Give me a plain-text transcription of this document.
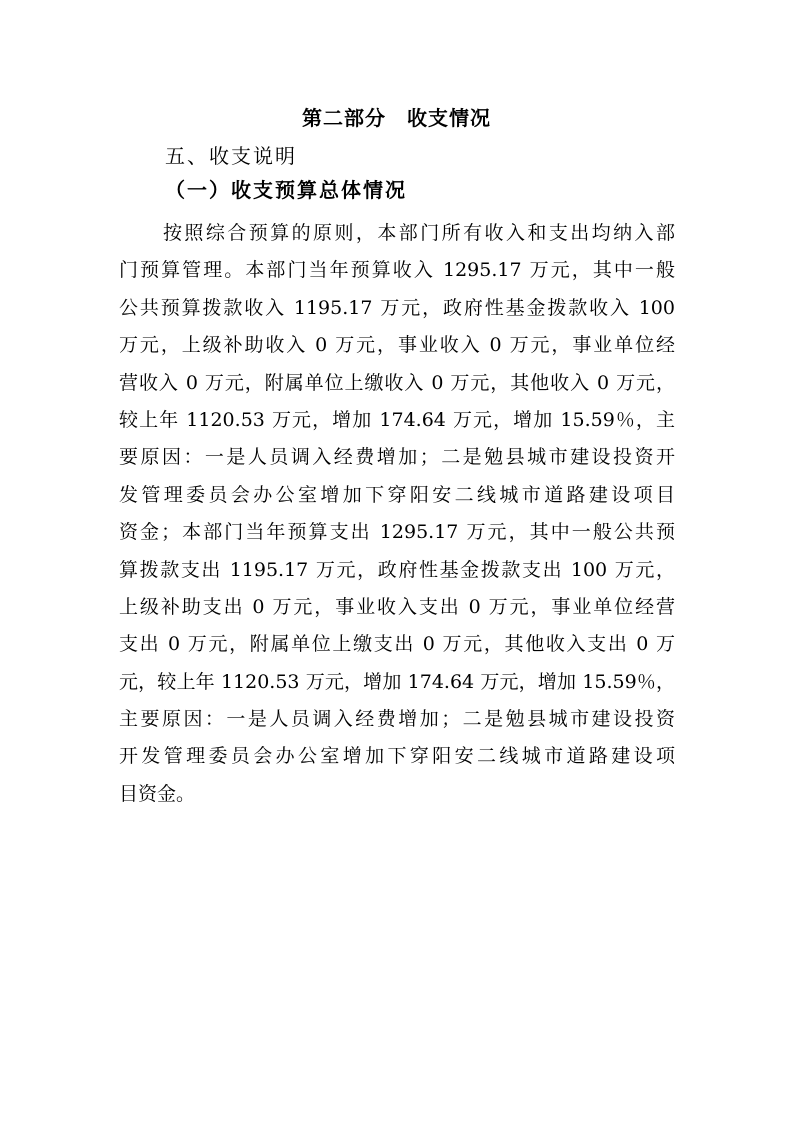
第二部分　收支情况
五、收支说明
（一）收支预算总体情况
按照综合预算的原则，本部门所有收入和支出均纳入部
门预算管理。本部门当年预算收入 1295.17 万元，其中一般
公共预算拨款收入 1195.17 万元，政府性基金拨款收入 100
万元，上级补助收入 0 万元，事业收入 0 万元，事业单位经
营收入 0 万元，附属单位上缴收入 0 万元，其他收入 0 万元，
较上年 1120.53 万元，增加 174.64 万元，增加 15.59％，主
要原因：一是人员调入经费增加；二是勉县城市建设投资开
发管理委员会办公室增加下穿阳安二线城市道路建设项目
资金；本部门当年预算支出 1295.17 万元，其中一般公共预
算拨款支出 1195.17 万元，政府性基金拨款支出 100 万元，
上级补助支出 0 万元，事业收入支出 0 万元，事业单位经营
支出 0 万元，附属单位上缴支出 0 万元，其他收入支出 0 万
元，较上年 1120.53 万元，增加 174.64 万元，增加 15.59％，
主要原因：一是人员调入经费增加；二是勉县城市建设投资
开发管理委员会办公室增加下穿阳安二线城市道路建设项
目资金。
